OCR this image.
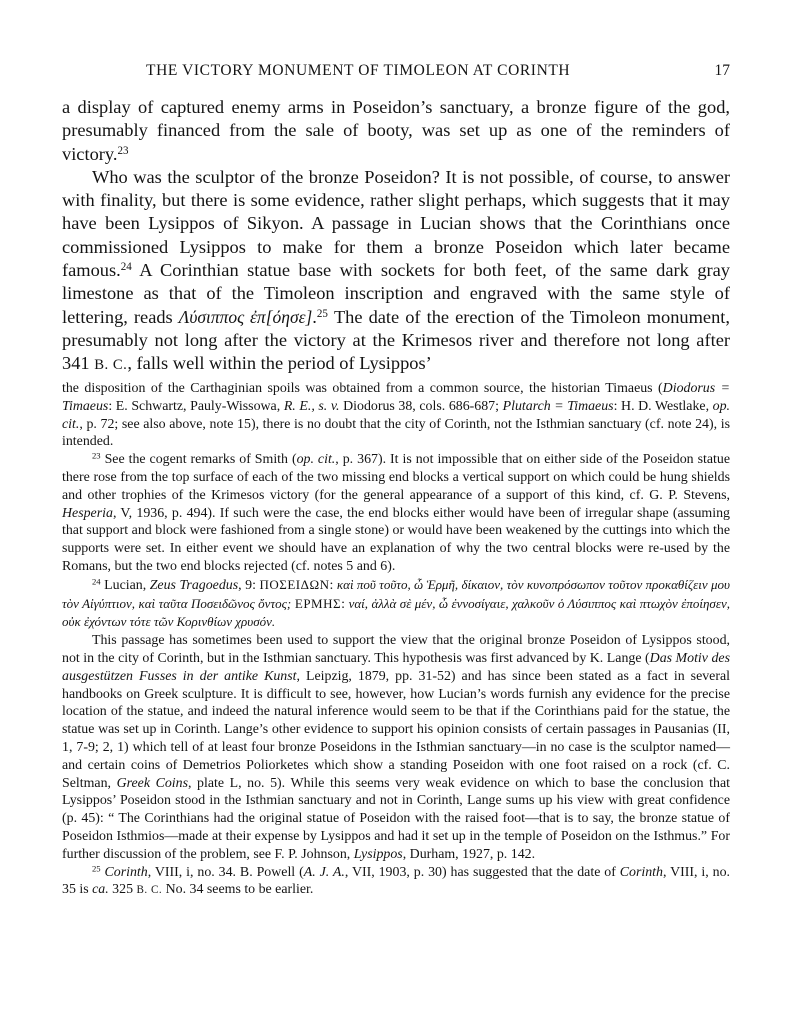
THE VICTORY MONUMENT OF TIMOLEON AT CORINTH	17

a display of captured enemy arms in Poseidon’s sanctuary, a bronze figure of the god, presumably financed from the sale of booty, was set up as one of the reminders of victory.$^{23}$

Who was the sculptor of the bronze Poseidon? It is not possible, of course, to answer with finality, but there is some evidence, rather slight perhaps, which suggests that it may have been Lysippos of Sikyon. A passage in Lucian shows that the Corinthians once commissioned Lysippos to make for them a bronze Poseidon which later became famous.$^{24}$ A Corinthian statue base with sockets for both feet, of the same dark gray limestone as that of the Timoleon inscription and engraved with the same style of lettering, reads Λύσιππος ἐπ[όησε].$^{25}$ The date of the erection of the Timoleon monument, presumably not long after the victory at the Krimesos river and therefore not long after 341 B. C., falls well within the period of Lysippos’

the disposition of the Carthaginian spoils was obtained from a common source, the historian Timaeus (Diodorus = Timaeus: E. Schwartz, Pauly-Wissowa, R. E., s. v. Diodorus 38, cols. 686-687; Plutarch = Timaeus: H. D. Westlake, op. cit., p. 72; see also above, note 15), there is no doubt that the city of Corinth, not the Isthmian sanctuary (cf. note 24), is intended.

$^{23}$ See the cogent remarks of Smith (op. cit., p. 367). It is not impossible that on either side of the Poseidon statue there rose from the top surface of each of the two missing end blocks a vertical support on which could be hung shields and other trophies of the Krimesos victory (for the general appearance of a support of this kind, cf. G. P. Stevens, Hesperia, V, 1936, p. 494). If such were the case, the end blocks either would have been of irregular shape (assuming that support and block were fashioned from a single stone) or would have been weakened by the cuttings into which the supports were set. In either event we should have an explanation of why the two central blocks were re-used by the Romans, but the two end blocks rejected (cf. notes 5 and 6).

$^{24}$ Lucian, Zeus Tragoedus, 9: ΠΟΣΕΙΔΩΝ: καὶ ποῦ τοῦτο, ὦ Ἑρμῆ, δίκαιον, τὸν κυνοπρόσωπον τοῦτον προκαθίζειν μου τὸν Αἰγύπτιον, καὶ ταῦτα Ποσειδῶνος ὄντος; ΕΡΜΗΣ: ναί, ἀλλὰ σὲ μέν, ὦ ἐννοσίγαιε, χαλκοῦν ὁ Λύσιππος καὶ πτωχὸν ἐποίησεν, οὐκ ἐχόντων τότε τῶν Κορινθίων χρυσόν.

This passage has sometimes been used to support the view that the original bronze Poseidon of Lysippos stood, not in the city of Corinth, but in the Isthmian sanctuary. This hypothesis was first advanced by K. Lange (Das Motiv des ausgestützen Fusses in der antike Kunst, Leipzig, 1879, pp. 31-52) and has since been stated as a fact in several handbooks on Greek sculpture. It is difficult to see, however, how Lucian’s words furnish any evidence for the precise location of the statue, and indeed the natural inference would seem to be that if the Corinthians paid for the statue, the statue was set up in Corinth. Lange’s other evidence to support his opinion consists of certain passages in Pausanias (II, 1, 7-9; 2, 1) which tell of at least four bronze Poseidons in the Isthmian sanctuary—in no case is the sculptor named—and certain coins of Demetrios Poliorketes which show a standing Poseidon with one foot raised on a rock (cf. C. Seltman, Greek Coins, plate L, no. 5). While this seems very weak evidence on which to base the conclusion that Lysippos’ Poseidon stood in the Isthmian sanctuary and not in Corinth, Lange sums up his view with great confidence (p. 45): “ The Corinthians had the original statue of Poseidon with the raised foot—that is to say, the bronze statue of Poseidon Isthmios—made at their expense by Lysippos and had it set up in the temple of Poseidon on the Isthmus.” For further discussion of the problem, see F. P. Johnson, Lysippos, Durham, 1927, p. 142.

$^{25}$ Corinth, VIII, i, no. 34. B. Powell (A. J. A., VII, 1903, p. 30) has suggested that the date of Corinth, VIII, i, no. 35 is ca. 325 B. C. No. 34 seems to be earlier.
